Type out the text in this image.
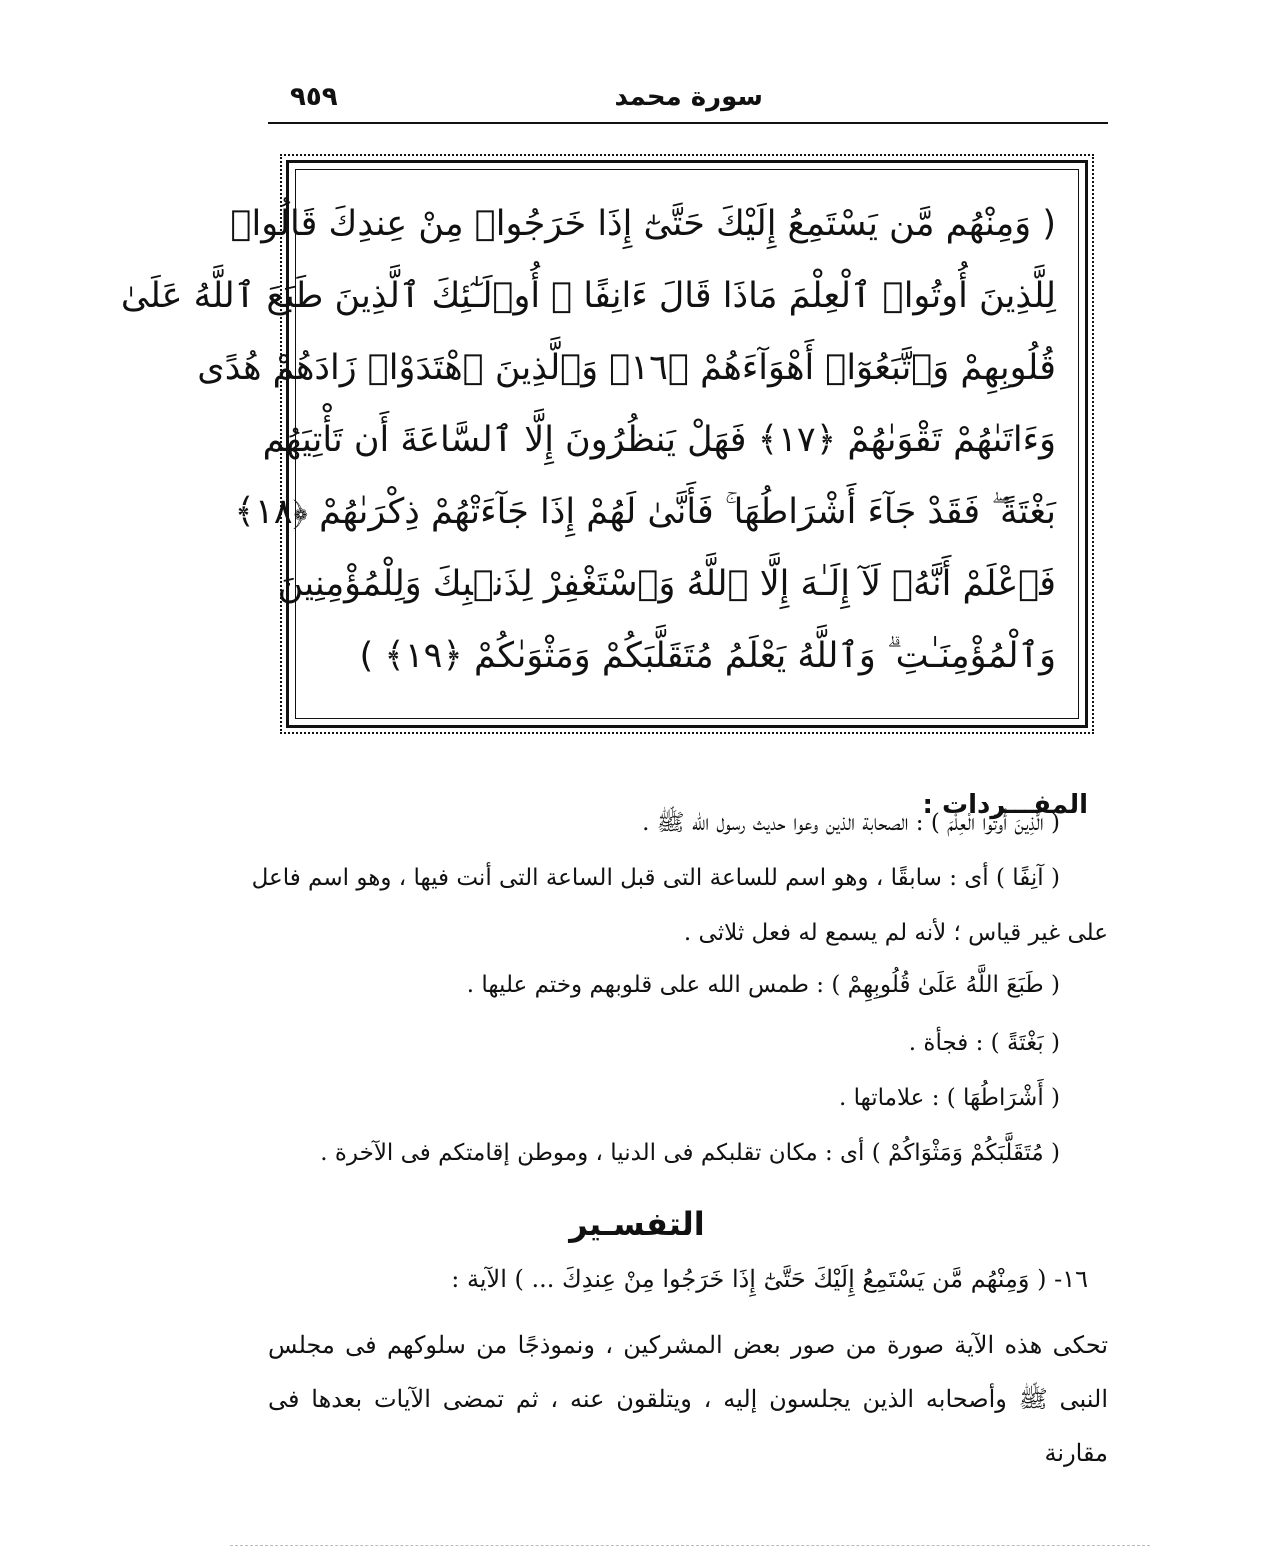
سورة محمد
٩٥٩
( وَمِنْهُم مَّن يَسْتَمِعُ إِلَيْكَ حَتَّىٰٓ إِذَا خَرَجُوا۟ مِنْ عِندِكَ قَالُوا۟
لِلَّذِينَ أُوتُوا۟ ٱلْعِلْمَ مَاذَا قَالَ ءَانِفًا ۚ أُو۟لَـٰٓئِكَ ٱلَّذِينَ طَبَعَ ٱللَّهُ عَلَىٰ
قُلُوبِهِمْ وَٱتَّبَعُوٓا۟ أَهْوَآءَهُمْ ﴿١٦﴾ وَٱلَّذِينَ ٱهْتَدَوْا۟ زَادَهُمْ هُدًى
وَءَاتَىٰهُمْ تَقْوَىٰهُمْ ﴿١٧﴾ فَهَلْ يَنظُرُونَ إِلَّا ٱلسَّاعَةَ أَن تَأْتِيَهُم
بَغْتَةً ۖ فَقَدْ جَآءَ أَشْرَاطُهَا ۚ فَأَنَّىٰ لَهُمْ إِذَا جَآءَتْهُمْ ذِكْرَىٰهُمْ ﴿١٨﴾
فَٱعْلَمْ أَنَّهُۥ لَآ إِلَـٰهَ إِلَّا ٱللَّهُ وَٱسْتَغْفِرْ لِذَنۢبِكَ وَلِلْمُؤْمِنِينَ
وَٱلْمُؤْمِنَـٰتِ ۗ وَٱللَّهُ يَعْلَمُ مُتَقَلَّبَكُمْ وَمَثْوَىٰكُمْ ﴿١٩﴾ )
المفـــردات :
( الَّذِينَ أُوتُوا الْعِلْمَ ) : الصحابة الذين وعوا حديث رسول الله ﷺ .
( آنِفًا ) أى : سابقًا ، وهو اسم للساعة التى قبل الساعة التى أنت فيها ، وهو اسم فاعل
على غير قياس ؛ لأنه لم يسمع له فعل ثلاثى .
( طَبَعَ اللَّهُ عَلَىٰ قُلُوبِهِمْ ) : طمس الله على قلوبهم وختم عليها .
( بَغْتَةً ) : فجأة .
( أَشْرَاطُهَا ) : علاماتها .
( مُتَقَلَّبَكُمْ وَمَثْوَاكُمْ ) أى : مكان تقلبكم فى الدنيا ، وموطن إقامتكم فى الآخرة .
التفسـير
١٦- ( وَمِنْهُم مَّن يَسْتَمِعُ إِلَيْكَ حَتَّىٰٓ إِذَا خَرَجُوا مِنْ عِندِكَ ... ) الآية :
تحكى هذه الآية صورة من صور بعض المشركين ، ونموذجًا من سلوكهم فى مجلس
النبى ﷺ وأصحابه الذين يجلسون إليه ، ويتلقون عنه ، ثم تمضى الآيات بعدها فى مقارنة
